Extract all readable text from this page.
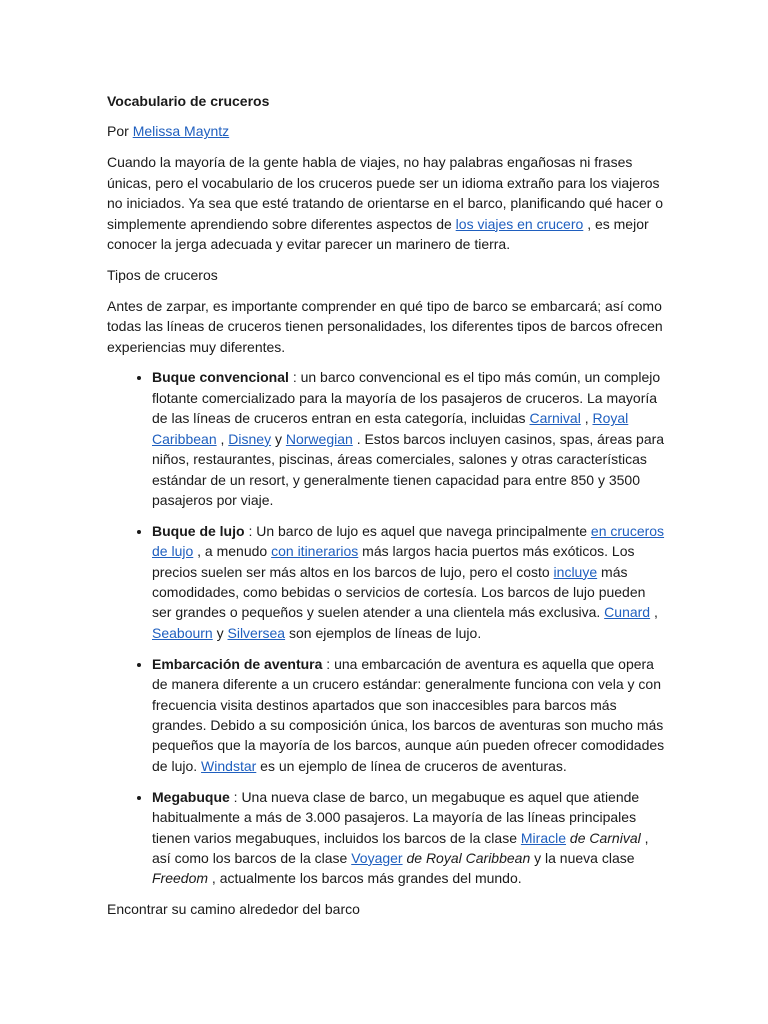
Vocabulario de cruceros

Por Melissa Mayntz

Cuando la mayoría de la gente habla de viajes, no hay palabras engañosas ni frases únicas, pero el vocabulario de los cruceros puede ser un idioma extraño para los viajeros no iniciados. Ya sea que esté tratando de orientarse en el barco, planificando qué hacer o simplemente aprendiendo sobre diferentes aspectos de los viajes en crucero , es mejor conocer la jerga adecuada y evitar parecer un marinero de tierra.

Tipos de cruceros

Antes de zarpar, es importante comprender en qué tipo de barco se embarcará; así como todas las líneas de cruceros tienen personalidades, los diferentes tipos de barcos ofrecen experiencias muy diferentes.

• Buque convencional : un barco convencional es el tipo más común, un complejo flotante comercializado para la mayoría de los pasajeros de cruceros. La mayoría de las líneas de cruceros entran en esta categoría, incluidas Carnival , Royal Caribbean , Disney y Norwegian . Estos barcos incluyen casinos, spas, áreas para niños, restaurantes, piscinas, áreas comerciales, salones y otras características estándar de un resort, y generalmente tienen capacidad para entre 850 y 3500 pasajeros por viaje.
• Buque de lujo : Un barco de lujo es aquel que navega principalmente en cruceros de lujo , a menudo con itinerarios más largos hacia puertos más exóticos. Los precios suelen ser más altos en los barcos de lujo, pero el costo incluye más comodidades, como bebidas o servicios de cortesía. Los barcos de lujo pueden ser grandes o pequeños y suelen atender a una clientela más exclusiva. Cunard , Seabourn y Silversea son ejemplos de líneas de lujo.
• Embarcación de aventura : una embarcación de aventura es aquella que opera de manera diferente a un crucero estándar: generalmente funciona con vela y con frecuencia visita destinos apartados que son inaccesibles para barcos más grandes. Debido a su composición única, los barcos de aventuras son mucho más pequeños que la mayoría de los barcos, aunque aún pueden ofrecer comodidades de lujo. Windstar es un ejemplo de línea de cruceros de aventuras.
• Megabuque : Una nueva clase de barco, un megabuque es aquel que atiende habitualmente a más de 3.000 pasajeros. La mayoría de las líneas principales tienen varios megabuques, incluidos los barcos de la clase Miracle de Carnival , así como los barcos de la clase Voyager de Royal Caribbean y la nueva clase Freedom , actualmente los barcos más grandes del mundo.

Encontrar su camino alrededor del barco
